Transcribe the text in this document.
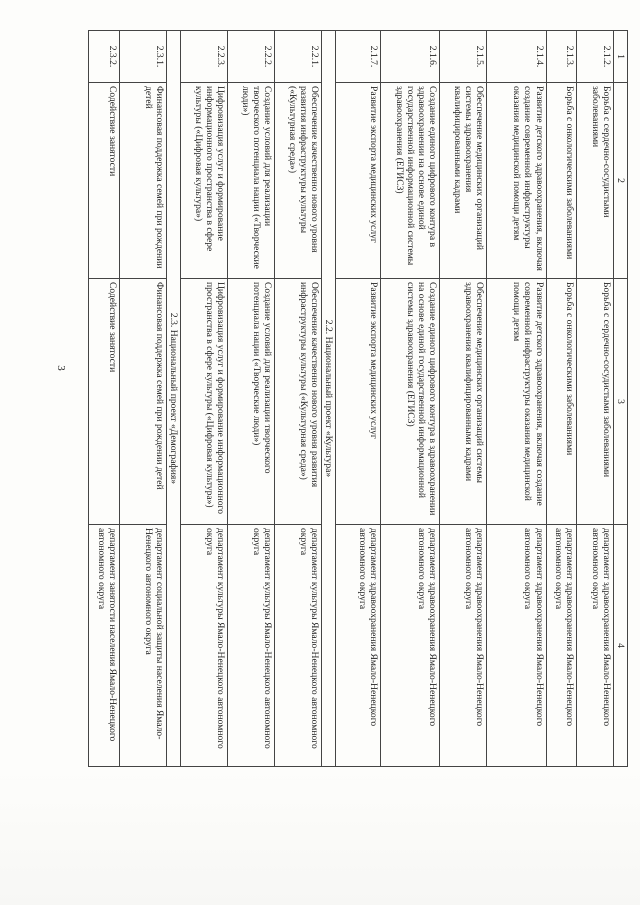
3
1	2	3	4
2.1.2.	Борьба с сердечно-сосудистыми заболеваниями	Борьба с сердечно-сосудистыми заболеваниями	департамент здравоохранения Ямало-Ненецкого автономного округа
2.1.3.	Борьба с онкологическими заболеваниями	Борьба с онкологическими заболеваниями	департамент здравоохранения Ямало-Ненецкого автономного округа
2.1.4.	Развитие детского здравоохранения, включая создание современной инфраструктуры оказания медицинской помощи детям	Развитие детского здравоохранения, включая создание современной инфраструктуры оказания медицинской помощи детям	департамент здравоохранения Ямало-Ненецкого автономного округа
2.1.5.	Обеспечение медицинских организаций системы здравоохранения квалифицированными кадрами	Обеспечение медицинских организаций системы здравоохранения квалифицированными кадрами	департамент здравоохранения Ямало-Ненецкого автономного округа
2.1.6.	Создание единого цифрового контура в здравоохранении на основе единой государственной информационной системы здравоохранения (ЕГИСЗ)	Создание единого цифрового контура в здравоохранении на основе единой государственной информационной системы здравоохранения (ЕГИСЗ)	департамент здравоохранения Ямало-Ненецкого автономного округа
2.1.7.	Развитие экспорта медицинских услуг	Развитие экспорта медицинских услуг	департамент здравоохранения Ямало-Ненецкого автономного округа
2.2. Национальный проект «Культура»			
2.2.1.	Обеспечение качественно нового уровня развития инфраструктуры культуры («Культурная среда»)	Обеспечение качественно нового уровня развития инфраструктуры культуры («Культурная среда»)	департамент культуры Ямало-Ненецкого автономного округа
2.2.2.	Создание условий для реализации творческого потенциала нации («Творческие люди»)	Создание условий для реализации творческого потенциала нации («Творческие люди»)	департамент культуры Ямало-Ненецкого автономного округа
2.2.3.	Цифровизация услуг и формирование информационного пространства в сфере культуры («Цифровая культура»)	Цифровизация услуг и формирование информационного пространства в сфере культуры («Цифровая культура»)	департамент культуры Ямало-Ненецкого автономного округа
2.3. Национальный проект «Демография»			
2.3.1.	Финансовая поддержка семей при рождении детей	Финансовая поддержка семей при рождении детей	департамент социальной защиты населения Ямало-Ненецкого автономного округа
2.3.2.	Содействие занятости	Содействие занятости	департамент занятости населения Ямало-Ненецкого автономного округа
